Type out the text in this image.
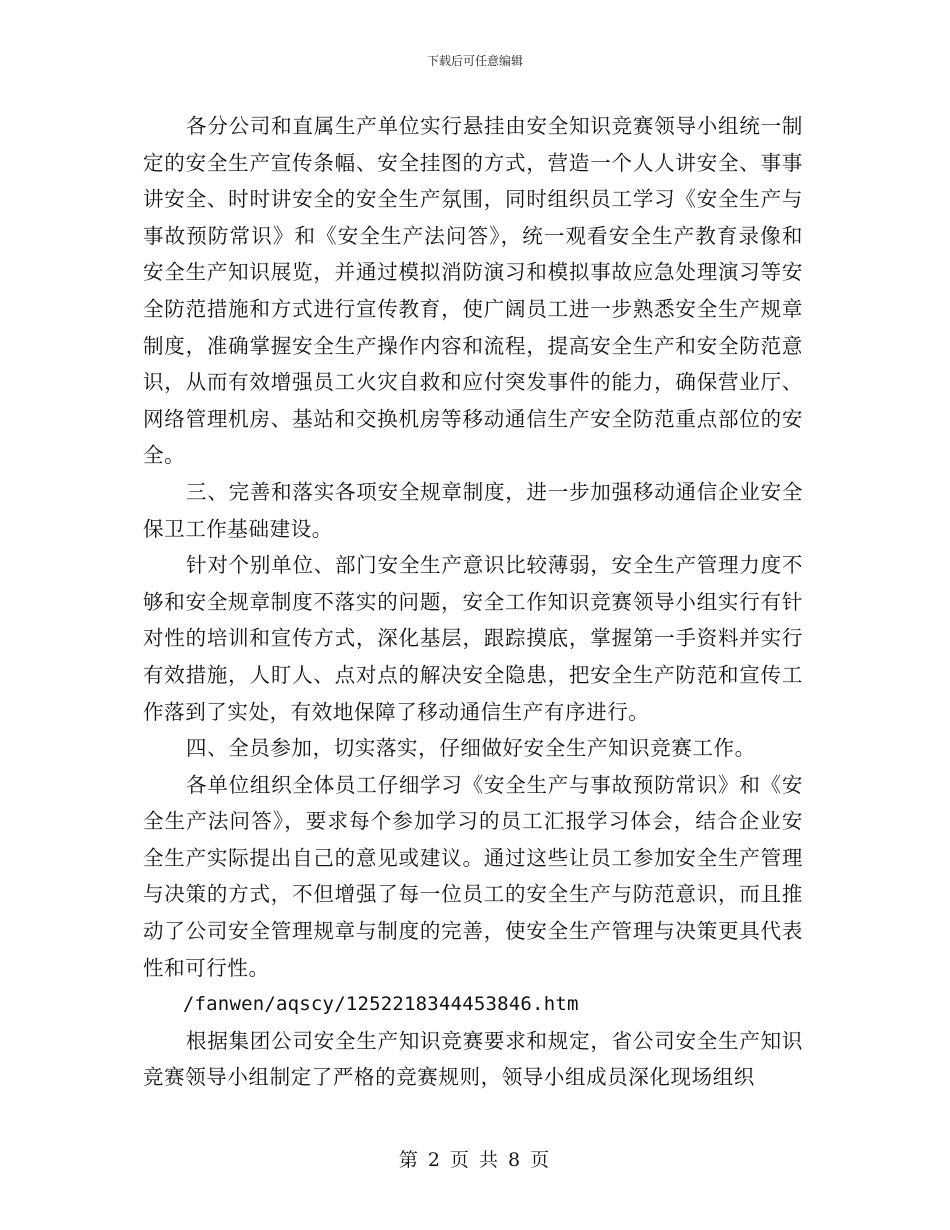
下载后可任意编辑

各分公司和直属生产单位实行悬挂由安全知识竞赛领导小组统一制定的安全生产宣传条幅、安全挂图的方式，营造一个人人讲安全、事事讲安全、时时讲安全的安全生产氛围，同时组织员工学习《安全生产与事故预防常识》和《安全生产法问答》，统一观看安全生产教育录像和安全生产知识展览，并通过模拟消防演习和模拟事故应急处理演习等安全防范措施和方式进行宣传教育，使广阔员工进一步熟悉安全生产规章制度，准确掌握安全生产操作内容和流程，提高安全生产和安全防范意识，从而有效增强员工火灾自救和应付突发事件的能力，确保营业厅、网络管理机房、基站和交换机房等移动通信生产安全防范重点部位的安全。

三、完善和落实各项安全规章制度，进一步加强移动通信企业安全保卫工作基础建设。

针对个别单位、部门安全生产意识比较薄弱，安全生产管理力度不够和安全规章制度不落实的问题，安全工作知识竞赛领导小组实行有针对性的培训和宣传方式，深化基层，跟踪摸底，掌握第一手资料并实行有效措施，人盯人、点对点的解决安全隐患，把安全生产防范和宣传工作落到了实处，有效地保障了移动通信生产有序进行。

四、全员参加，切实落实，仔细做好安全生产知识竞赛工作。

各单位组织全体员工仔细学习《安全生产与事故预防常识》和《安全生产法问答》，要求每个参加学习的员工汇报学习体会，结合企业安全生产实际提出自己的意见或建议。通过这些让员工参加安全生产管理与决策的方式，不但增强了每一位员工的安全生产与防范意识，而且推动了公司安全管理规章与制度的完善，使安全生产管理与决策更具代表性和可行性。

/fanwen/aqscy/1252218344453846.htm

根据集团公司安全生产知识竞赛要求和规定，省公司安全生产知识竞赛领导小组制定了严格的竞赛规则，领导小组成员深化现场组织

第 2 页 共 8 页
